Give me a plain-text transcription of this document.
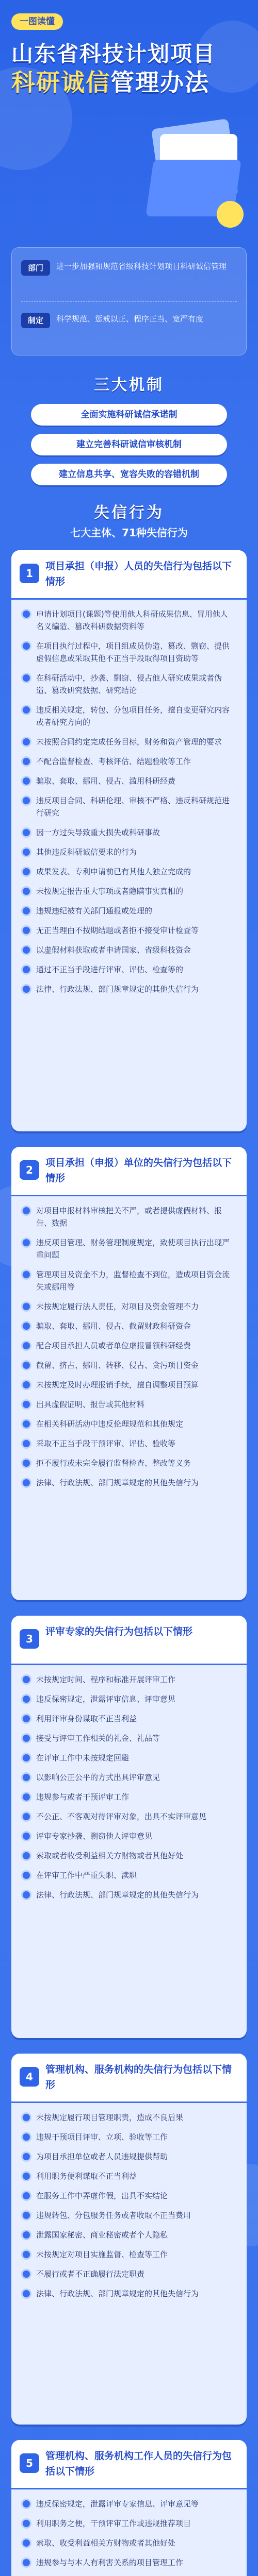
一图读懂
山东省科技计划项目
科研诚信管理办法
部门	进一步加强和规范省级科技计划项目科研诚信管理
制定	科学规范、惩戒以正、程序正当、宽严有度
三大机制
全面实施科研诚信承诺制
建立完善科研诚信审核机制
建立信息共享、宽容失败的容错机制
失信行为
七大主体、71种失信行为
1
项目承担（申报）人员的失信行为包括以下情形
申请计划项目(课题)等使用他人科研成果信息、冒用他人名义编造、篡改科研数据资料等
在项目执行过程中，项目组成员伪造、篡改、剽窃、提供虚假信息或采取其他不正当手段取得项目资助等
在科研活动中，抄袭、剽窃、侵占他人研究成果或者伪造、篡改研究数据、研究结论
违反相关规定，转包、分包项目任务，擅自变更研究内容或者研究方向的
未按照合同约定完成任务目标，财务和资产管理的要求
不配合监督检查、考核评估、结题验收等工作
骗取、套取、挪用、侵占、滥用科研经费
违反项目合同、科研伦理、审核不严格、违反科研规范进行研究
因一方过失导致重大损失或科研事故
其他违反科研诚信要求的行为
成果发表、专利申请前已有其他人独立完成的
未按规定报告重大事项或者隐瞒事实真相的
违规违纪被有关部门通报或处理的
无正当理由不按期结题或者拒不接受审计检查等
以虚假材料获取或者申请国家、省级科技资金
通过不正当手段进行评审、评估、检查等的
法律、行政法规、部门规章规定的其他失信行为
2
项目承担（申报）单位的失信行为包括以下情形
对项目申报材料审核把关不严，或者提供虚假材料、报告、数据
违反项目管理、财务管理制度规定，致使项目执行出现严重问题
管理项目及资金不力，监督检查不到位，造成项目资金流失或挪用等
未按规定履行法人责任，对项目及资金管理不力
骗取、套取、挪用、侵占、截留财政科研资金
配合项目承担人员或者单位虚报冒领科研经费
截留、挤占、挪用、转移、侵占、贪污项目资金
未按规定及时办理报销手续，擅自调整项目预算
出具虚假证明、报告或其他材料
在相关科研活动中违反伦理规范和其他规定
采取不正当手段干预评审、评估、验收等
拒不履行或未完全履行监督检查、整改等义务
法律、行政法规、部门规章规定的其他失信行为
3
评审专家的失信行为包括以下情形
未按规定时间、程序和标准开展评审工作
违反保密规定，泄露评审信息、评审意见
利用评审身份谋取不正当利益
接受与评审工作相关的礼金、礼品等
在评审工作中未按规定回避
以影响公正公平的方式出具评审意见
违规参与或者干预评审工作
不公正、不客观对待评审对象，出具不实评审意见
评审专家抄袭、剽窃他人评审意见
索取或者收受利益相关方财物或者其他好处
在评审工作中严重失职、渎职
法律、行政法规、部门规章规定的其他失信行为
4
管理机构、服务机构的失信行为包括以下情形
未按规定履行项目管理职责，造成不良后果
违规干预项目评审、立项、验收等工作
为项目承担单位或者人员违规提供帮助
利用职务便利谋取不正当利益
在服务工作中弄虚作假，出具不实结论
违规转包、分包服务任务或者收取不正当费用
泄露国家秘密、商业秘密或者个人隐私
未按规定对项目实施监督、检查等工作
不履行或者不正确履行法定职责
法律、行政法规、部门规章规定的其他失信行为
5
管理机构、服务机构工作人员的失信行为包括以下情形
违反保密规定，泄露评审专家信息、评审意见等
利用职务之便，干预评审工作或违规推荐项目
索取、收受利益相关方财物或者其他好处
违规参与与本人有利害关系的项目管理工作
